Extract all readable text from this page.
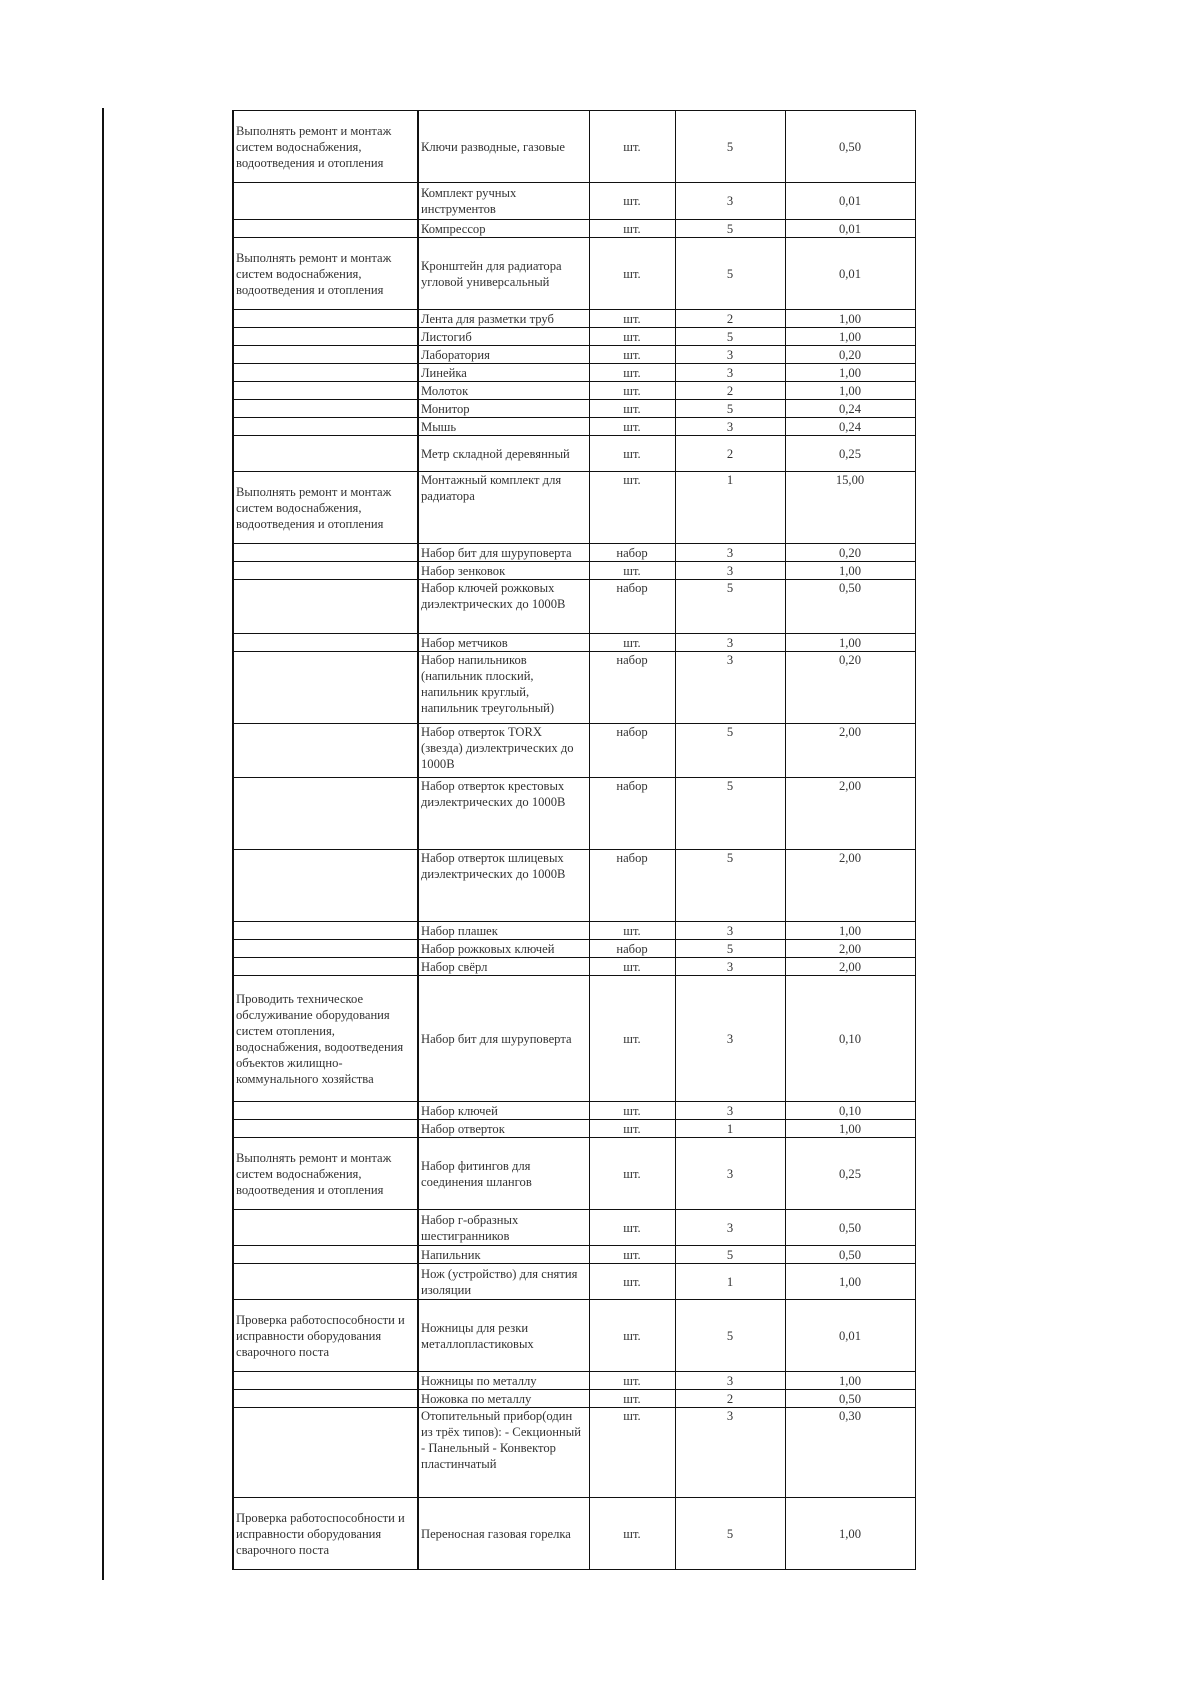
Выполнять ремонт и монтаж систем водоснабжения, водоотведения и отопления	Ключи разводные, газовые	шт.	5	0,50
	Комплект ручных инструментов	шт.	3	0,01
	Компрессор	шт.	5	0,01
Выполнять ремонт и монтаж систем водоснабжения, водоотведения и отопления	Кронштейн для радиатора угловой универсальный	шт.	5	0,01
	Лента для разметки труб	шт.	2	1,00
	Листогиб	шт.	5	1,00
	Лаборатория	шт.	3	0,20
	Линейка	шт.	3	1,00
	Молоток	шт.	2	1,00
	Монитор	шт.	5	0,24
	Мышь	шт.	3	0,24
	Метр складной деревянный	шт.	2	0,25
Выполнять ремонт и монтаж систем водоснабжения, водоотведения и отопления	Монтажный комплект для радиатора	шт.	1	15,00
	Набор бит для шуруповерта	набор	3	0,20
	Набор зенковок	шт.	3	1,00
	Набор ключей рожковых диэлектрических до 1000В	набор	5	0,50
	Набор метчиков	шт.	3	1,00
	Набор напильников (напильник плоский, напильник круглый, напильник треугольный)	набор	3	0,20
	Набор отверток TORX (звезда) диэлектрических до 1000В	набор	5	2,00
	Набор отверток крестовых диэлектрических до 1000В	набор	5	2,00
	Набор отверток шлицевых диэлектрических до 1000В	набор	5	2,00
	Набор плашек	шт.	3	1,00
	Набор рожковых ключей	набор	5	2,00
	Набор свёрл	шт.	3	2,00
Проводить техническое обслуживание оборудования систем отопления, водоснабжения, водоотведения объектов жилищно-коммунального хозяйства	Набор бит для шуруповерта	шт.	3	0,10
	Набор ключей	шт.	3	0,10
	Набор отверток	шт.	1	1,00
Выполнять ремонт и монтаж систем водоснабжения, водоотведения и отопления	Набор фитингов для соединения шлангов	шт.	3	0,25
	Набор г-образных шестигранников	шт.	3	0,50
	Напильник	шт.	5	0,50
	Нож (устройство) для снятия изоляции	шт.	1	1,00
Проверка работоспособности и исправности оборудования сварочного поста	Ножницы для резки металлопластиковых	шт.	5	0,01
	Ножницы по металлу	шт.	3	1,00
	Ножовка по металлу	шт.	2	0,50
	Отопительный прибор(один из трёх типов): - Секционный - Панельный - Конвектор пластинчатый	шт.	3	0,30
Проверка работоспособности и исправности оборудования сварочного поста	Переносная газовая горелка	шт.	5	1,00
